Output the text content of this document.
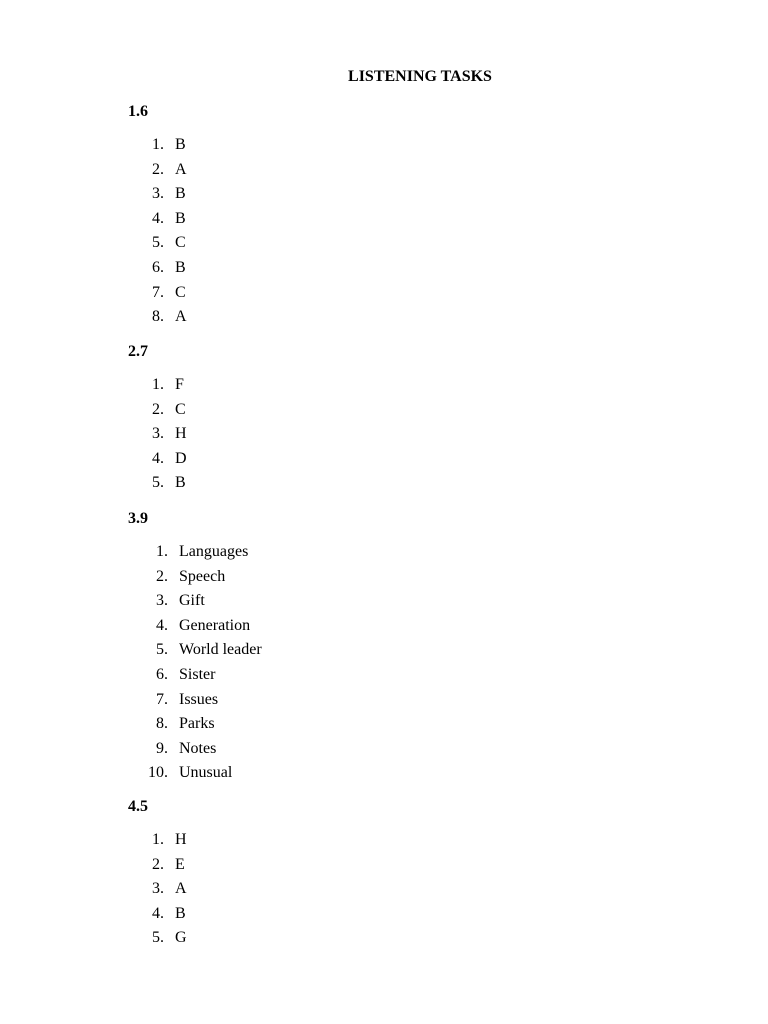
LISTENING TASKS
1.6
1. B
2. A
3. B
4. B
5. C
6. B
7. C
8. A
2.7
1. F
2. C
3. H
4. D
5. B
3.9
1. Languages
2. Speech
3. Gift
4. Generation
5. World leader
6. Sister
7. Issues
8. Parks
9. Notes
10. Unusual
4.5
1. H
2. E
3. A
4. B
5. G
